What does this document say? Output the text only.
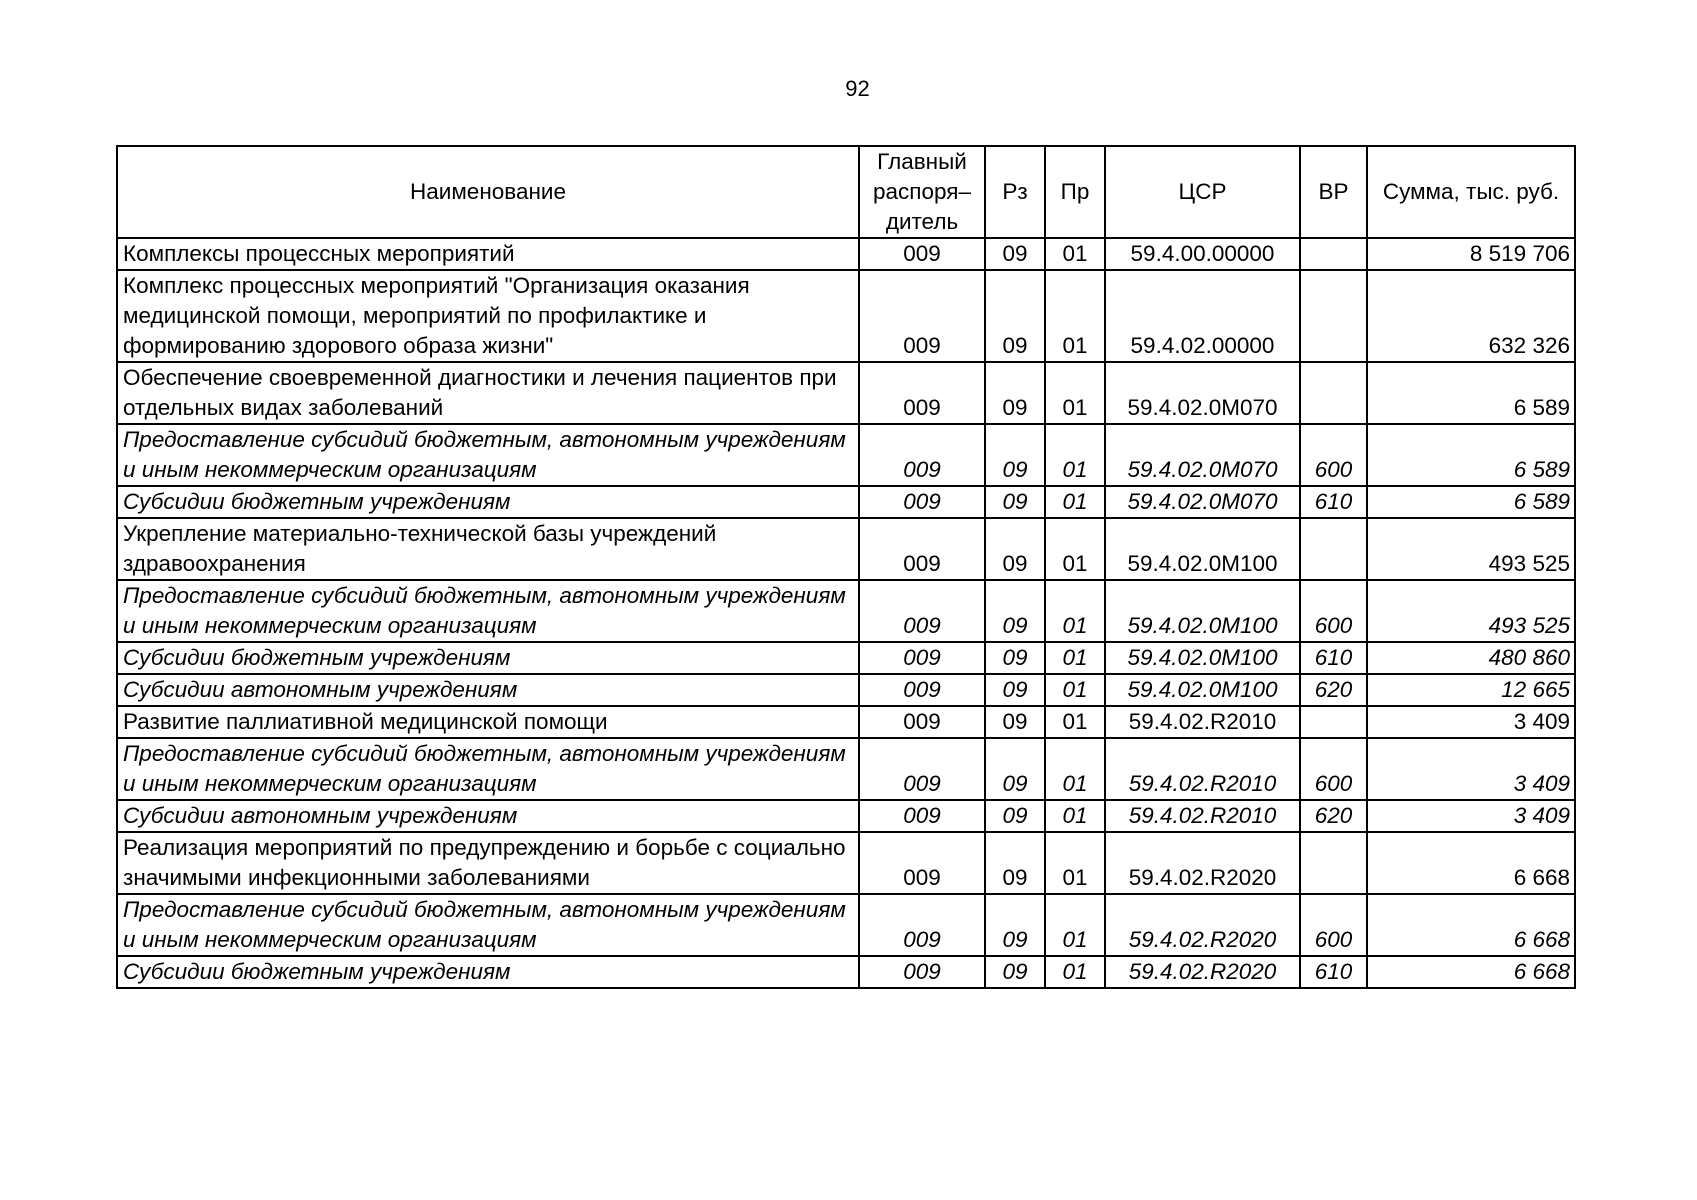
92
Наименование	Главный распоря– дитель	Рз	Пр	ЦСР	ВР	Сумма, тыс. руб.
Комплексы процессных мероприятий	009	09	01	59.4.00.00000		8 519 706
Комплекс процессных мероприятий "Организация оказания медицинской помощи, мероприятий по профилактике и формированию здорового образа жизни"	009	09	01	59.4.02.00000		632 326
Обеспечение своевременной диагностики и лечения пациентов при отдельных видах заболеваний	009	09	01	59.4.02.0М070		6 589
Предоставление субсидий бюджетным, автономным учреждениям и иным некоммерческим организациям	009	09	01	59.4.02.0М070	600	6 589
Субсидии бюджетным учреждениям	009	09	01	59.4.02.0М070	610	6 589
Укрепление материально-технической базы учреждений здравоохранения	009	09	01	59.4.02.0М100		493 525
Предоставление субсидий бюджетным, автономным учреждениям и иным некоммерческим организациям	009	09	01	59.4.02.0М100	600	493 525
Субсидии бюджетным учреждениям	009	09	01	59.4.02.0М100	610	480 860
Субсидии автономным учреждениям	009	09	01	59.4.02.0М100	620	12 665
Развитие паллиативной медицинской помощи	009	09	01	59.4.02.R2010		3 409
Предоставление субсидий бюджетным, автономным учреждениям и иным некоммерческим организациям	009	09	01	59.4.02.R2010	600	3 409
Субсидии автономным учреждениям	009	09	01	59.4.02.R2010	620	3 409
Реализация мероприятий по предупреждению и борьбе с социально значимыми инфекционными заболеваниями	009	09	01	59.4.02.R2020		6 668
Предоставление субсидий бюджетным, автономным учреждениям и иным некоммерческим организациям	009	09	01	59.4.02.R2020	600	6 668
Субсидии бюджетным учреждениям	009	09	01	59.4.02.R2020	610	6 668
